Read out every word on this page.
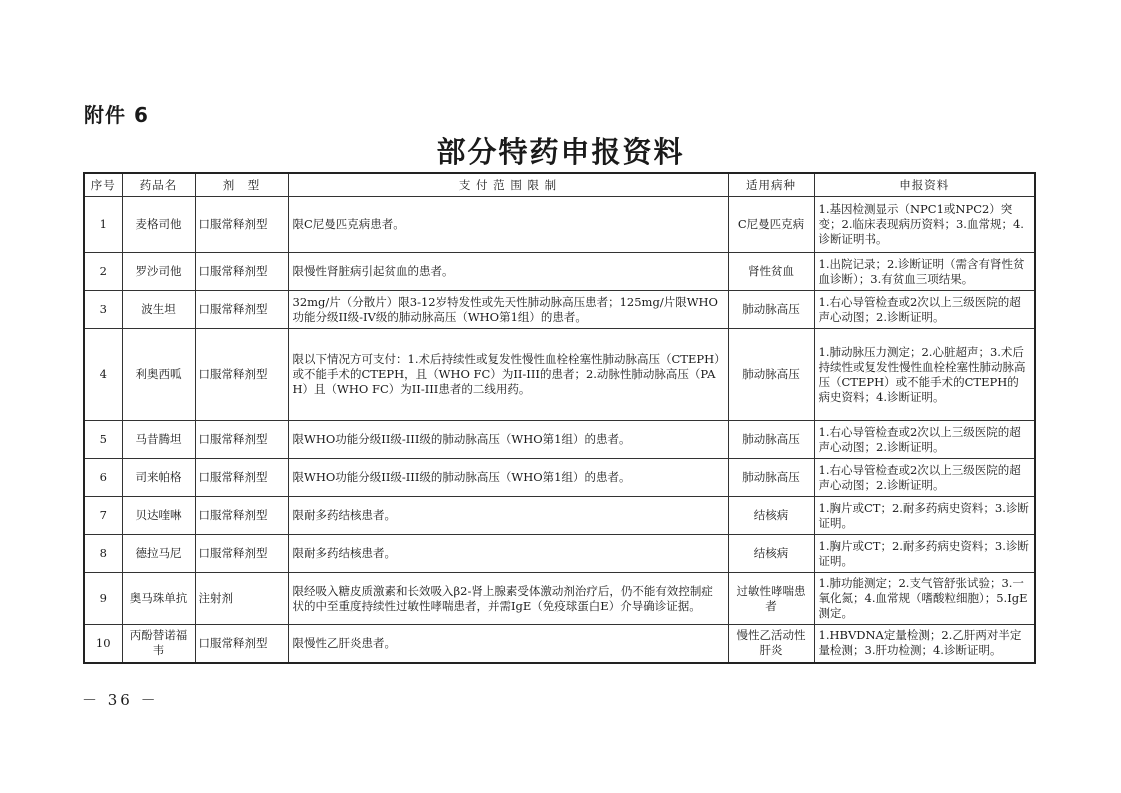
附件 6
部分特药申报资料
序号	药品名	剂　型	支 付 范 围 限 制	适用病种	申报资料
1	麦格司他	口服常释剂型	限C尼曼匹克病患者。	C尼曼匹克病	1.基因检测显示（NPC1或NPC2）突变；2.临床表现病历资料；3.血常规；4.诊断证明书。
2	罗沙司他	口服常释剂型	限慢性肾脏病引起贫血的患者。	肾性贫血	1.出院记录；2.诊断证明（需含有肾性贫血诊断）；3.有贫血三项结果。
3	波生坦	口服常释剂型	32mg/片（分散片）限3-12岁特发性或先天性肺动脉高压患者；125mg/片限WHO功能分级II级-IV级的肺动脉高压（WHO第1组）的患者。	肺动脉高压	1.右心导管检查或2次以上三级医院的超声心动图；2.诊断证明。
4	利奥西呱	口服常释剂型	限以下情况方可支付：1.术后持续性或复发性慢性血栓栓塞性肺动脉高压（CTEPH）或不能手术的CTEPH，且（WHO FC）为II-III的患者；2.动脉性肺动脉高压（PAH）且（WHO FC）为II-III患者的二线用药。	肺动脉高压	1.肺动脉压力测定；2.心脏超声；3.术后持续性或复发性慢性血栓栓塞性肺动脉高压（CTEPH）或不能手术的CTEPH的病史资料；4.诊断证明。
5	马昔腾坦	口服常释剂型	限WHO功能分级II级-III级的肺动脉高压（WHO第1组）的患者。	肺动脉高压	1.右心导管检查或2次以上三级医院的超声心动图；2.诊断证明。
6	司来帕格	口服常释剂型	限WHO功能分级II级-III级的肺动脉高压（WHO第1组）的患者。	肺动脉高压	1.右心导管检查或2次以上三级医院的超声心动图；2.诊断证明。
7	贝达喹啉	口服常释剂型	限耐多药结核患者。	结核病	1.胸片或CT；2.耐多药病史资料；3.诊断证明。
8	德拉马尼	口服常释剂型	限耐多药结核患者。	结核病	1.胸片或CT；2.耐多药病史资料；3.诊断证明。
9	奥马珠单抗	注射剂	限经吸入糖皮质激素和长效吸入β2-肾上腺素受体激动剂治疗后，仍不能有效控制症状的中至重度持续性过敏性哮喘患者，并需IgE（免疫球蛋白E）介导确诊证据。	过敏性哮喘患者	1.肺功能测定；2.支气管舒张试验；3.一氧化氮；4.血常规（嗜酸粒细胞）；5.IgE测定。
10	丙酚替诺福韦	口服常释剂型	限慢性乙肝炎患者。	慢性乙活动性肝炎	1.HBVDNA定量检测；2.乙肝两对半定量检测；3.肝功检测；4.诊断证明。
－ 36 －
